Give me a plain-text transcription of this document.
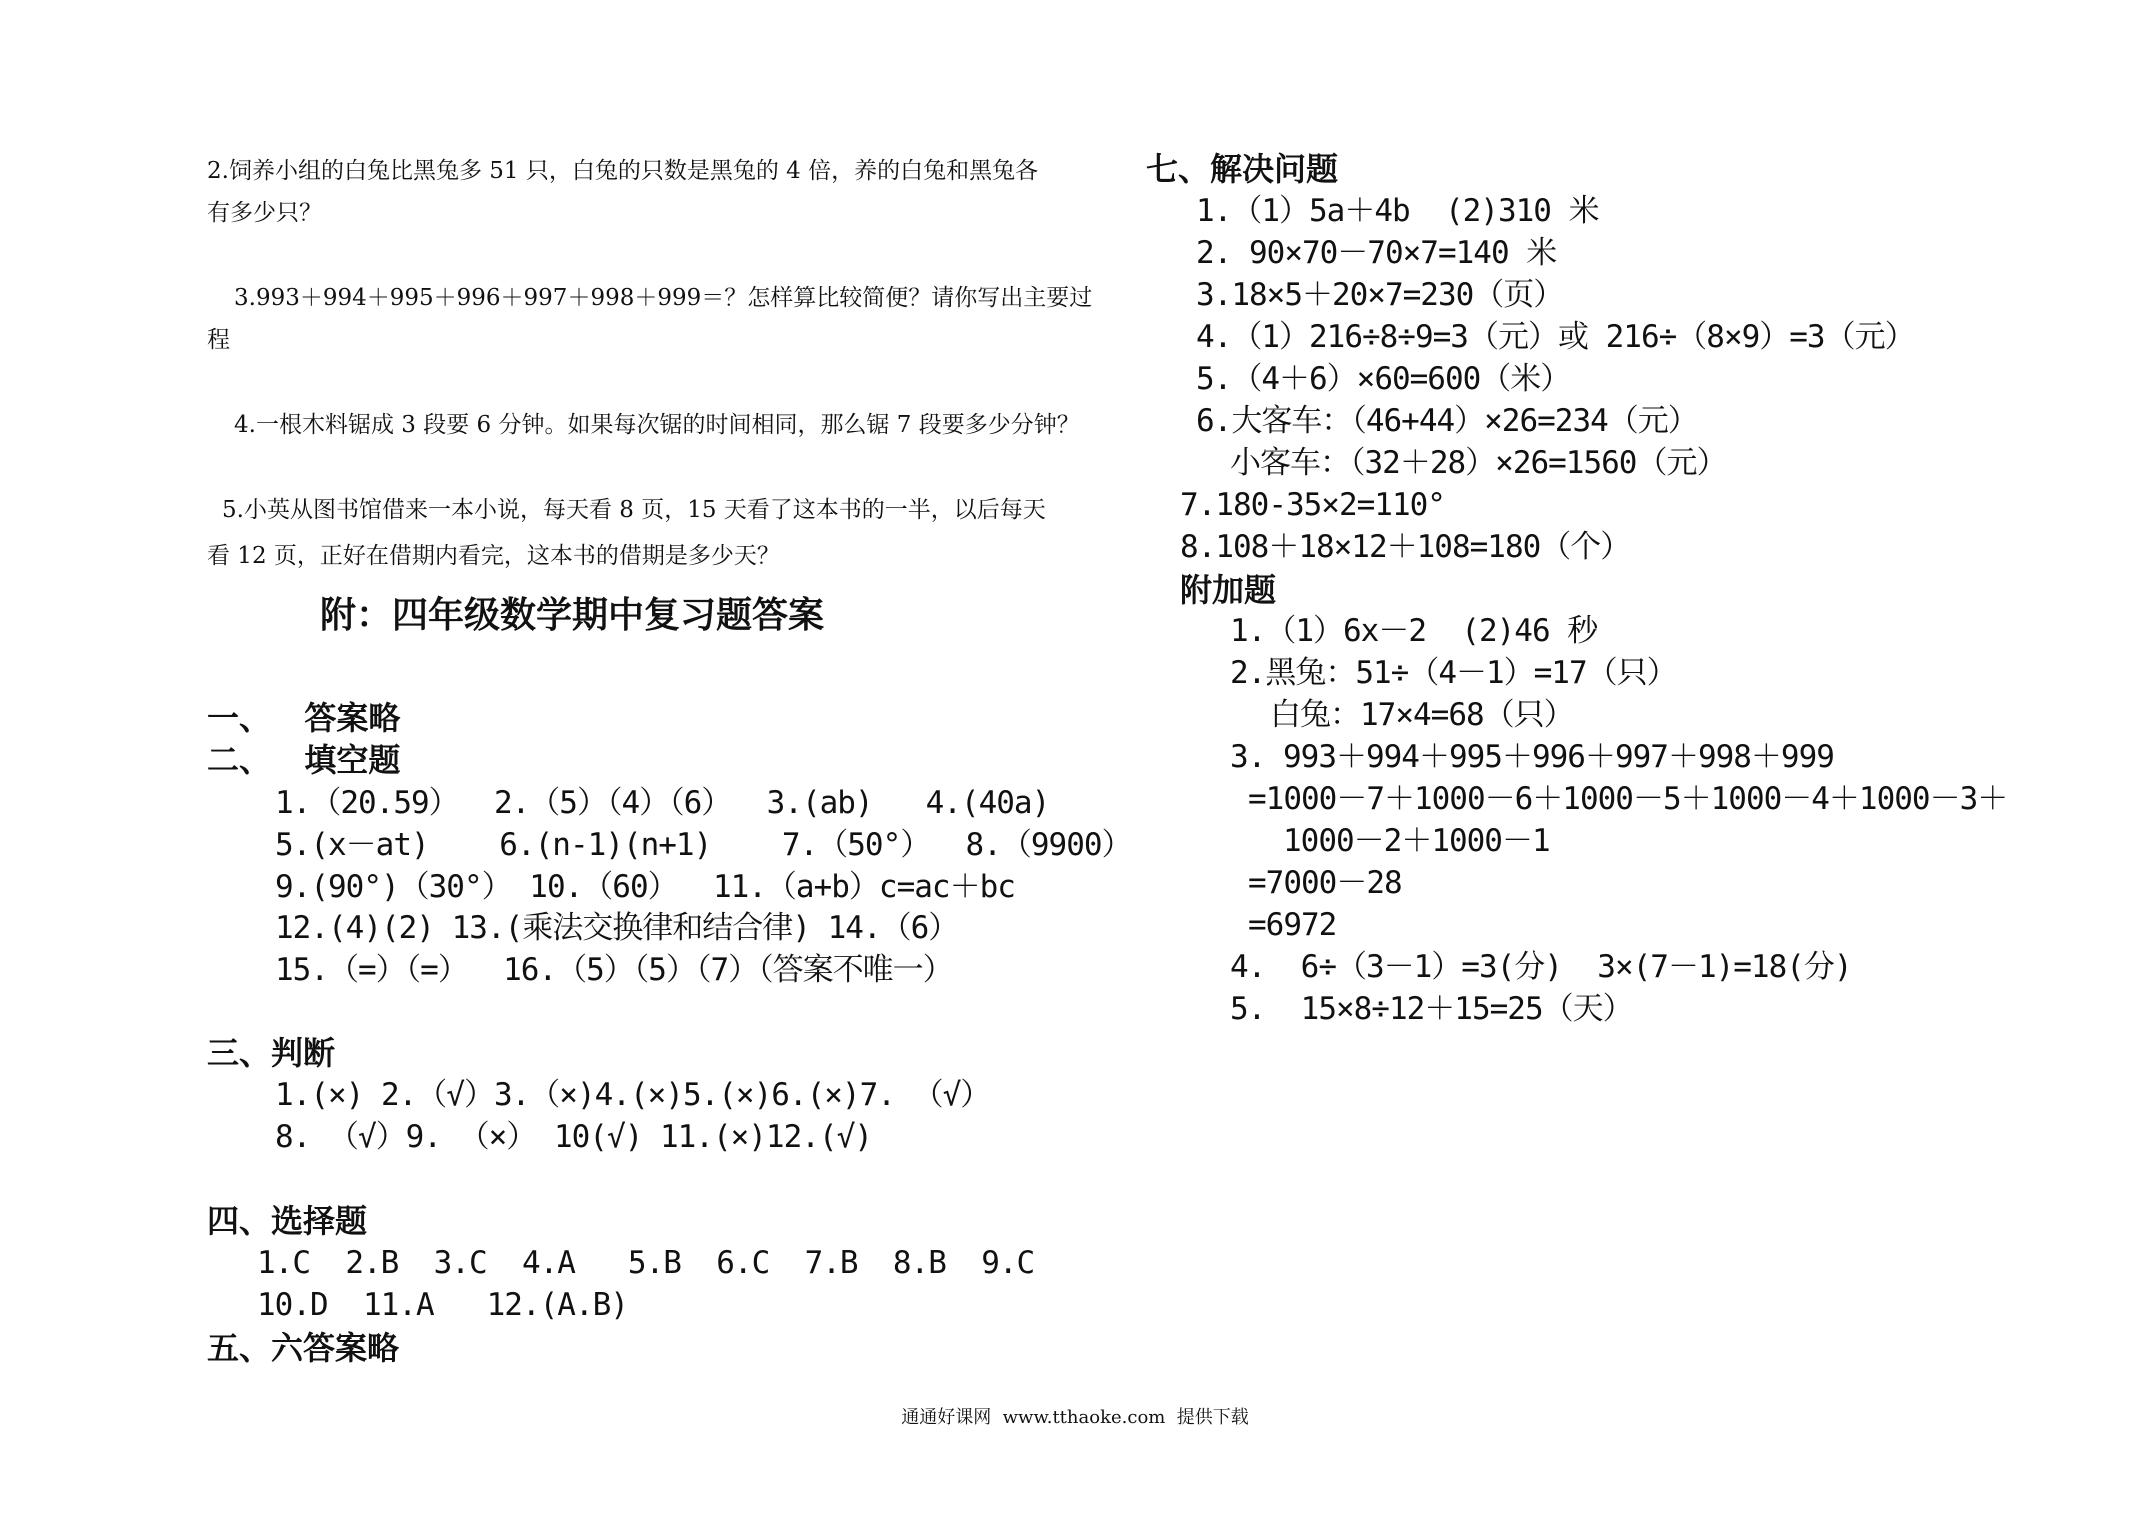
2.饲养小组的白兔比黑兔多 51 只，白兔的只数是黑兔的 4 倍，养的白兔和黑兔各
有多少只？
3.993＋994＋995＋996＋997＋998＋999＝？怎样算比较简便？请你写出主要过
程
4.一根木料锯成 3 段要 6 分钟。如果每次锯的时间相同，那么锯 7 段要多少分钟？
5.小英从图书馆借来一本小说，每天看 8 页，15 天看了这本书的一半，以后每天
看 12 页，正好在借期内看完，这本书的借期是多少天？
附：四年级数学期中复习题答案
一、   答案略
二、   填空题
1.（20.59）  2.（5）（4）（6）  3.(ab)   4.(40a)
5.(x－at)    6.(n-1)(n+1)    7.（50°）  8.（9900）
9.(90°)（30°） 10.（60）  11.（a+b）c=ac＋bc
12.(4)(2) 13.(乘法交换律和结合律) 14.（6）
15.（=）（=）  16.（5）（5）（7）（答案不唯一）
三、判断
1.(×) 2.（√）3.（×)4.(×)5.(×)6.(×)7. （√）
8. （√）9. （×） 10(√) 11.(×)12.(√)
四、选择题
1.C  2.B  3.C  4.A   5.B  6.C  7.B  8.B  9.C
10.D  11.A   12.(A.B)
五、六答案略
七、解决问题
1.（1）5a＋4b  (2)310 米
2. 90×70－70×7=140 米
3.18×5＋20×7=230（页）
4.（1）216÷8÷9=3（元）或 216÷（8×9）=3（元）
5.（4＋6）×60=600（米）
6.大客车：（46+44）×26=234（元）
小客车：（32＋28）×26=1560（元）
7.180-35×2=110°
8.108＋18×12＋108=180（个）
附加题
1.（1）6x－2  (2)46 秒
2.黑兔：51÷（4－1）=17（只）
白兔：17×4=68（只）
3. 993＋994＋995＋996＋997＋998＋999
=1000－7＋1000－6＋1000－5＋1000－4＋1000－3＋
1000－2＋1000－1
=7000－28
=6972
4.  6÷（3－1）=3(分)  3×(7－1)=18(分)
5.  15×8÷12＋15=25（天）
通通好课网  www.tthaoke.com  提供下载
